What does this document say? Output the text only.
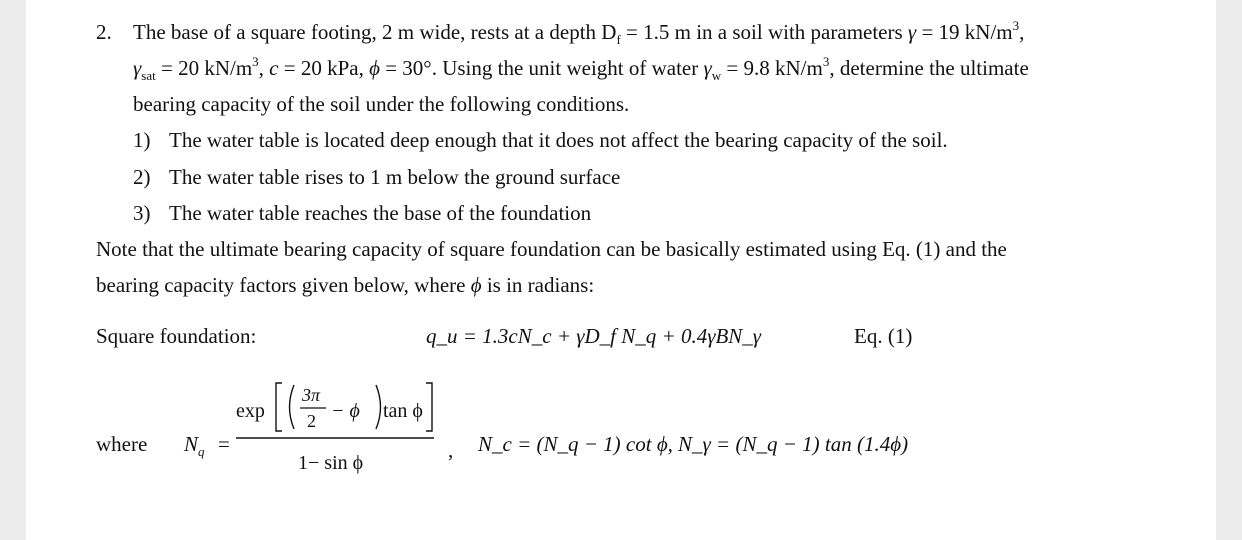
2. The base of a square footing, 2 m wide, rests at a depth $D_f = 1.5$ m in a soil with parameters γ = 19 $kN/m^3$,
$\gamma_{sat} = 20$ $kN/m^3$, c = 20 kPa, ϕ = 30°. Using the unit weight of water $\gamma_w = 9.8$ $kN/m^3$, determine the ultimate
bearing capacity of the soil under the following conditions.
1) The water table is located deep enough that it does not affect the bearing capacity of the soil.
2) The water table rises to 1 m below the ground surface
3) The water table reaches the base of the foundation
Note that the ultimate bearing capacity of square foundation can be basically estimated using Eq. (1) and the
bearing capacity factors given below, where ϕ is in radians:
Square foundation:	q_u = 1.3cN_c + γD_f N_q + 0.4γBN_γ	Eq. (1)
where $N_q$ =
exp
3π
2 − ϕ tan ϕ
1− sin ϕ
, N_c = (N_q − 1) cot ϕ, N_γ = (N_q − 1) tan (1.4ϕ)
